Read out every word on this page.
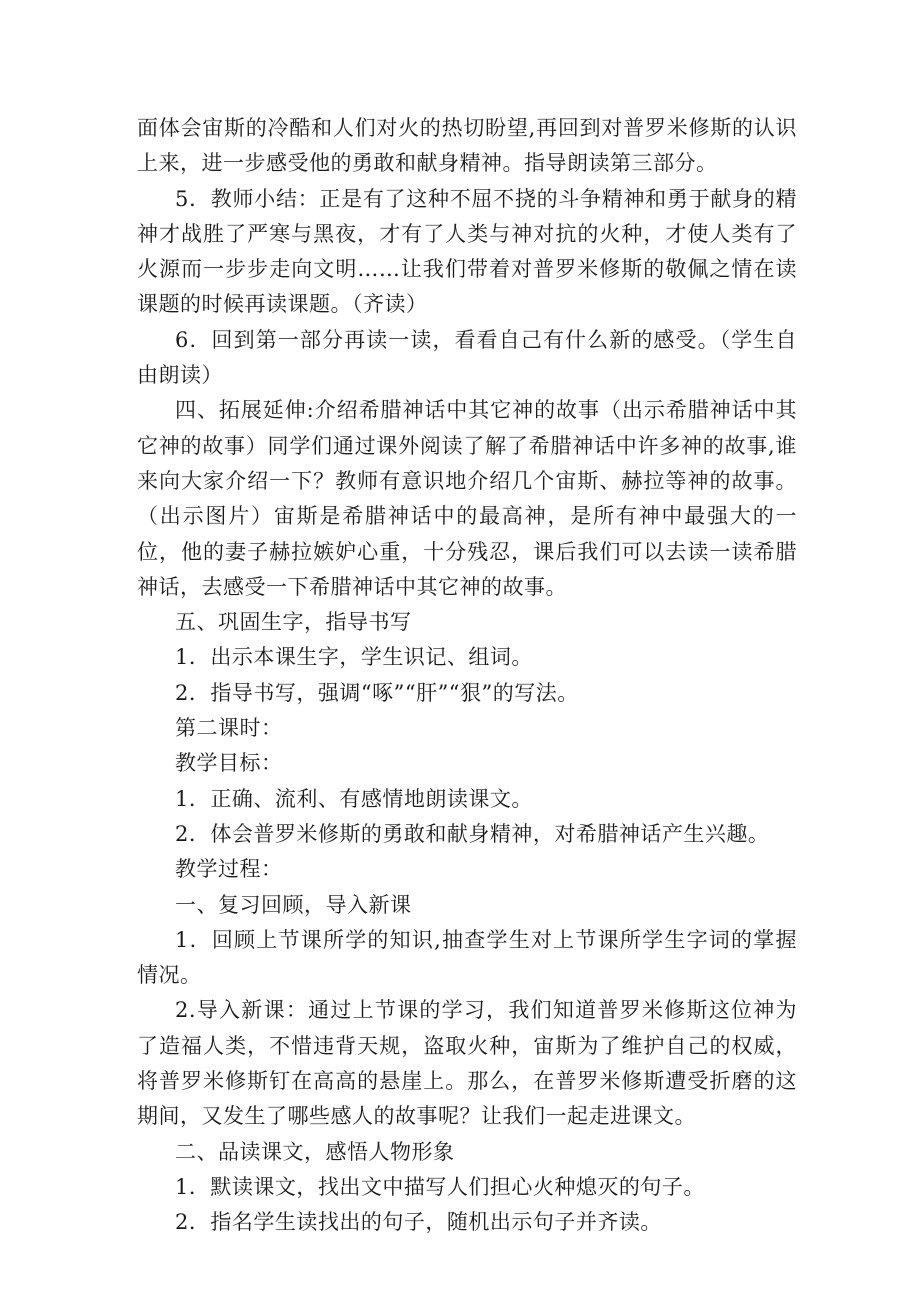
面体会宙斯的冷酷和人们对火的热切盼望,再回到对普罗米修斯的认识上来，进一步感受他的勇敢和献身精神。指导朗读第三部分。

5．教师小结：正是有了这种不屈不挠的斗争精神和勇于献身的精神才战胜了严寒与黑夜，才有了人类与神对抗的火种，才使人类有了火源而一步步走向文明……让我们带着对普罗米修斯的敬佩之情在读课题的时候再读课题。（齐读）

6．回到第一部分再读一读，看看自己有什么新的感受。（学生自由朗读）

四、拓展延伸:介绍希腊神话中其它神的故事（出示希腊神话中其它神的故事）同学们通过课外阅读了解了希腊神话中许多神的故事,谁来向大家介绍一下？教师有意识地介绍几个宙斯、赫拉等神的故事。（出示图片）宙斯是希腊神话中的最高神，是所有神中最强大的一位，他的妻子赫拉嫉妒心重，十分残忍，课后我们可以去读一读希腊神话，去感受一下希腊神话中其它神的故事。

五、巩固生字，指导书写

1．出示本课生字，学生识记、组词。

2．指导书写，强调“啄”“肝”“狠”的写法。

第二课时：

教学目标：

1．正确、流利、有感情地朗读课文。

2．体会普罗米修斯的勇敢和献身精神，对希腊神话产生兴趣。

教学过程：

一、复习回顾，导入新课

1．回顾上节课所学的知识,抽查学生对上节课所学生字词的掌握情况。

2.导入新课：通过上节课的学习，我们知道普罗米修斯这位神为了造福人类，不惜违背天规，盗取火种，宙斯为了维护自己的权威，将普罗米修斯钉在高高的悬崖上。那么，在普罗米修斯遭受折磨的这期间，又发生了哪些感人的故事呢？让我们一起走进课文。

二、品读课文，感悟人物形象

1．默读课文，找出文中描写人们担心火种熄灭的句子。

2．指名学生读找出的句子，随机出示句子并齐读。
